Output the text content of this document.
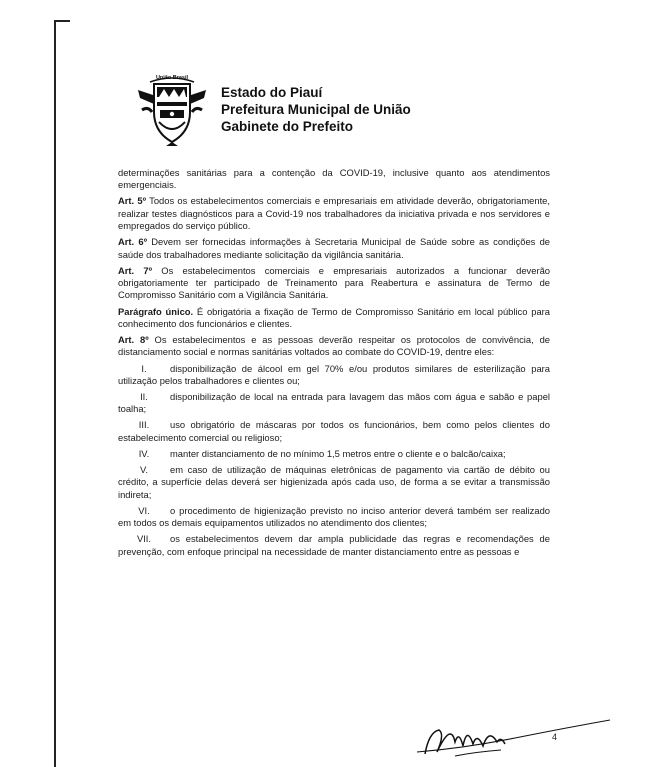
União Brasil
Estado do Piauí
Prefeitura Municipal de União
Gabinete do Prefeito

determinações sanitárias para a contenção da COVID-19, inclusive quanto aos atendimentos emergenciais.

Art. 5º Todos os estabelecimentos comerciais e empresariais em atividade deverão, obrigatoriamente, realizar testes diagnósticos para a Covid-19 nos trabalhadores da iniciativa privada e nos servidores e empregados do serviço público.

Art. 6º Devem ser fornecidas informações à Secretaria Municipal de Saúde sobre as condições de saúde dos trabalhadores mediante solicitação da vigilância sanitária.

Art. 7º Os estabelecimentos comerciais e empresariais autorizados a funcionar deverão obrigatoriamente ter participado de Treinamento para Reabertura e assinatura de Termo de Compromisso Sanitário com a Vigilância Sanitária.

Parágrafo único. É obrigatória a fixação de Termo de Compromisso Sanitário em local público para conhecimento dos funcionários e clientes.

Art. 8º Os estabelecimentos e as pessoas deverão respeitar os protocolos de convivência, de distanciamento social e normas sanitárias voltados ao combate do COVID-19, dentre eles:

I. disponibilização de álcool em gel 70% e/ou produtos similares de esterilização para utilização pelos trabalhadores e clientes ou;

II. disponibilização de local na entrada para lavagem das mãos com água e sabão e papel toalha;

III. uso obrigatório de máscaras por todos os funcionários, bem como pelos clientes do estabelecimento comercial ou religioso;

IV. manter distanciamento de no mínimo 1,5 metros entre o cliente e o balcão/caixa;

V. em caso de utilização de máquinas eletrônicas de pagamento via cartão de débito ou crédito, a superfície delas deverá ser higienizada após cada uso, de forma a se evitar a transmissão indireta;

VI. o procedimento de higienização previsto no inciso anterior deverá também ser realizado em todos os demais equipamentos utilizados no atendimento dos clientes;

VII. os estabelecimentos devem dar ampla publicidade das regras e recomendações de prevenção, com enfoque principal na necessidade de manter distanciamento entre as pessoas e

4
